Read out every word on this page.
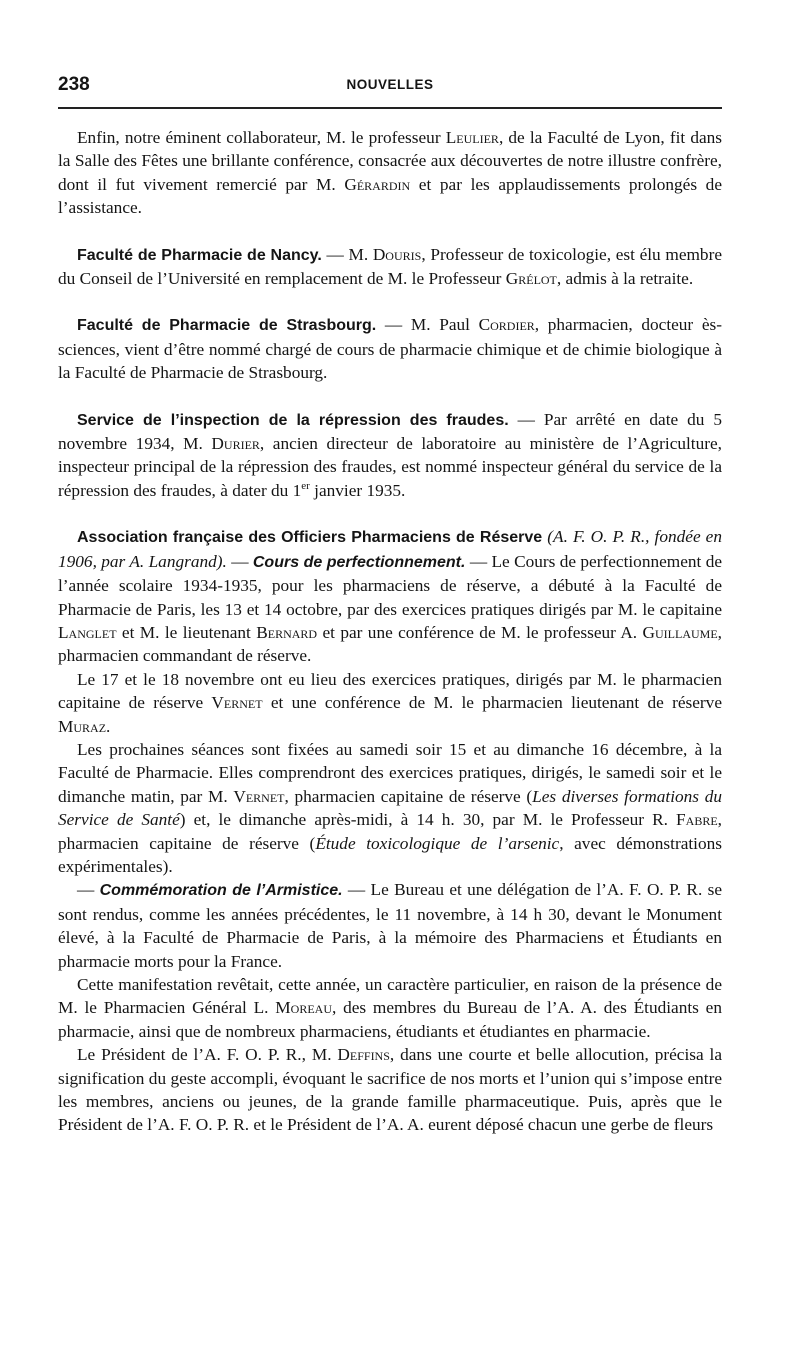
238	NOUVELLES

Enfin, notre éminent collaborateur, M. le professeur Leulier, de la Faculté de Lyon, fit dans la Salle des Fêtes une brillante conférence, consacrée aux découvertes de notre illustre confrère, dont il fut vivement remercié par M. Gérardin et par les applaudissements prolongés de l’assistance.

Faculté de Pharmacie de Nancy. — M. Douris, Professeur de toxicologie, est élu membre du Conseil de l’Université en remplacement de M. le Professeur Grélot, admis à la retraite.

Faculté de Pharmacie de Strasbourg. — M. Paul Cordier, pharmacien, docteur ès-sciences, vient d’être nommé chargé de cours de pharmacie chimique et de chimie biologique à la Faculté de Pharmacie de Strasbourg.

Service de l’inspection de la répression des fraudes. — Par arrêté en date du 5 novembre 1934, M. Durier, ancien directeur de laboratoire au ministère de l’Agriculture, inspecteur principal de la répression des fraudes, est nommé inspecteur général du service de la répression des fraudes, à dater du 1er janvier 1935.

Association française des Officiers Pharmaciens de Réserve (A. F. O. P. R., fondée en 1906, par A. Langrand). — Cours de perfectionnement. — Le Cours de perfectionnement de l’année scolaire 1934-1935, pour les pharmaciens de réserve, a débuté à la Faculté de Pharmacie de Paris, les 13 et 14 octobre, par des exercices pratiques dirigés par M. le capitaine Langlet et M. le lieutenant Bernard et par une conférence de M. le professeur A. Guillaume, pharmacien commandant de réserve.

Le 17 et le 18 novembre ont eu lieu des exercices pratiques, dirigés par M. le pharmacien capitaine de réserve Vernet et une conférence de M. le pharmacien lieutenant de réserve Muraz.

Les prochaines séances sont fixées au samedi soir 15 et au dimanche 16 décembre, à la Faculté de Pharmacie. Elles comprendront des exercices pratiques, dirigés, le samedi soir et le dimanche matin, par M. Vernet, pharmacien capitaine de réserve (Les diverses formations du Service de Santé) et, le dimanche après-midi, à 14 h. 30, par M. le Professeur R. Fabre, pharmacien capitaine de réserve (Étude toxicologique de l’arsenic, avec démonstrations expérimentales).

— Commémoration de l’Armistice. — Le Bureau et une délégation de l’A. F. O. P. R. se sont rendus, comme les années précédentes, le 11 novembre, à 14 h 30, devant le Monument élevé, à la Faculté de Pharmacie de Paris, à la mémoire des Pharmaciens et Étudiants en pharmacie morts pour la France.

Cette manifestation revêtait, cette année, un caractère particulier, en raison de la présence de M. le Pharmacien Général L. Moreau, des membres du Bureau de l’A. A. des Étudiants en pharmacie, ainsi que de nombreux pharmaciens, étudiants et étudiantes en pharmacie.

Le Président de l’A. F. O. P. R., M. Deffins, dans une courte et belle allocution, précisa la signification du geste accompli, évoquant le sacrifice de nos morts et l’union qui s’impose entre les membres, anciens ou jeunes, de la grande famille pharmaceutique. Puis, après que le Président de l’A. F. O. P. R. et le Président de l’A. A. eurent déposé chacun une gerbe de fleurs
